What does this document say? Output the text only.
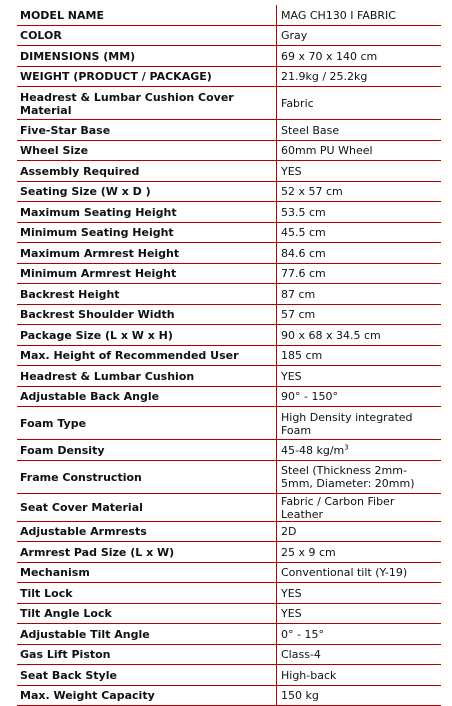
MODEL NAME	MAG CH130 I FABRIC
COLOR	Gray
DIMENSIONS (MM)	69 x 70 x 140 cm
WEIGHT (PRODUCT / PACKAGE)	21.9kg / 25.2kg
Headrest & Lumbar Cushion Cover Material	Fabric
Five-Star Base	Steel Base
Wheel Size	60mm PU Wheel
Assembly Required	YES
Seating Size (W x D )	52 x 57 cm
Maximum Seating Height	53.5 cm
Minimum Seating Height	45.5 cm
Maximum Armrest Height	84.6 cm
Minimum Armrest Height	77.6 cm
Backrest Height	87 cm
Backrest Shoulder Width	57 cm
Package Size (L x W x H)	90 x 68 x 34.5 cm
Max. Height of Recommended User	185 cm
Headrest & Lumbar Cushion	YES
Adjustable Back Angle	90° - 150°
Foam Type	High Density integrated Foam
Foam Density	45-48 $kg/m^3$
Frame Construction	Steel (Thickness 2mm-5mm, Diameter: 20mm)
Seat Cover Material	Fabric / Carbon Fiber Leather
Adjustable Armrests	2D
Armrest Pad Size (L x W)	25 x 9 cm
Mechanism	Conventional tilt (Y-19)
Tilt Lock	YES
Tilt Angle Lock	YES
Adjustable Tilt Angle	0° - 15°
Gas Lift Piston	Class-4
Seat Back Style	High-back
Max. Weight Capacity	150 kg
